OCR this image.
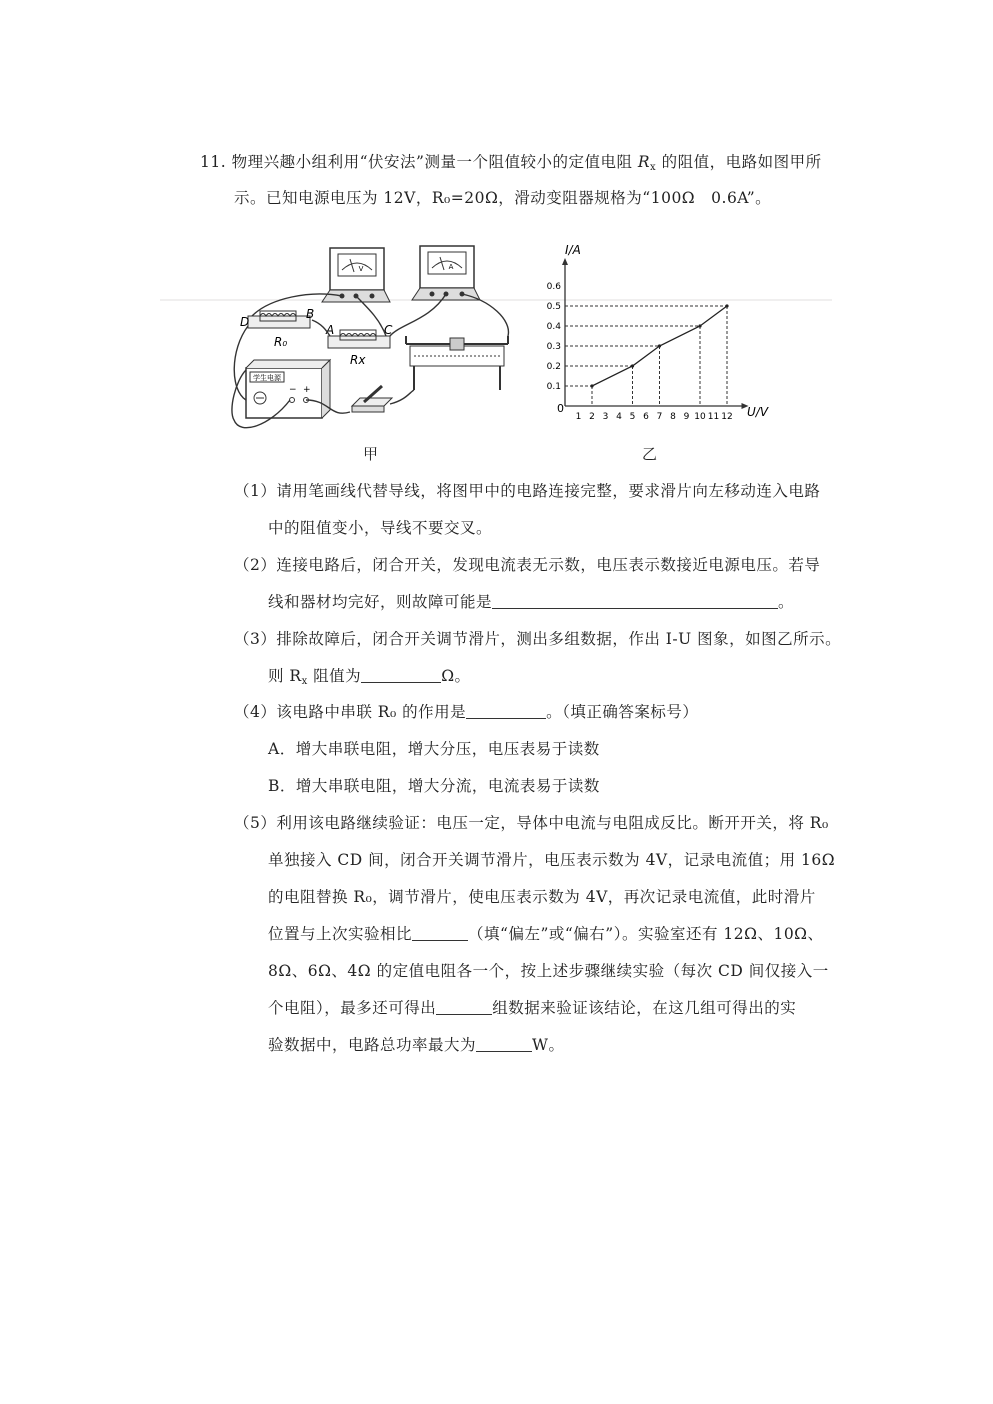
11. 物理兴趣小组利用“伏安法”测量一个阻值较小的定值电阻 $R_x$ 的阻值，电路如图甲所
示。已知电源电压为 12V，R₀=20Ω，滑动变阻器规格为“100Ω　0.6A”。
V	A
D
B
R₀
A	C
Rx
学生电源
− +
甲
I/A
U/V
0
1 2 3 4 5 6 7 8 9 10 11 12
0.1
0.2
0.3
0.4
0.5
0.6
乙
（1）请用笔画线代替导线，将图甲中的电路连接完整，要求滑片向左移动连入电路
中的阻值变小，导线不要交叉。
（2）连接电路后，闭合开关，发现电流表无示数，电压表示数接近电源电压。若导
线和器材均完好，则故障可能是	。
（3）排除故障后，闭合开关调节滑片，测出多组数据，作出 I-U 图象，如图乙所示。
则 $R_x$ 阻值为	Ω。
（4）该电路中串联 R₀ 的作用是	。（填正确答案标号）
A．增大串联电阻，增大分压，电压表易于读数
B．增大串联电阻，增大分流，电流表易于读数
（5）利用该电路继续验证：电压一定，导体中电流与电阻成反比。断开开关，将 R₀
单独接入 CD 间，闭合开关调节滑片，电压表示数为 4V，记录电流值；用 16Ω
的电阻替换 R₀，调节滑片，使电压表示数为 4V，再次记录电流值，此时滑片
位置与上次实验相比	（填“偏左”或“偏右”）。实验室还有 12Ω、10Ω、
8Ω、6Ω、4Ω 的定值电阻各一个，按上述步骤继续实验（每次 CD 间仅接入一
个电阻），最多还可得出	组数据来验证该结论，在这几组可得出的实
验数据中，电路总功率最大为	W。
